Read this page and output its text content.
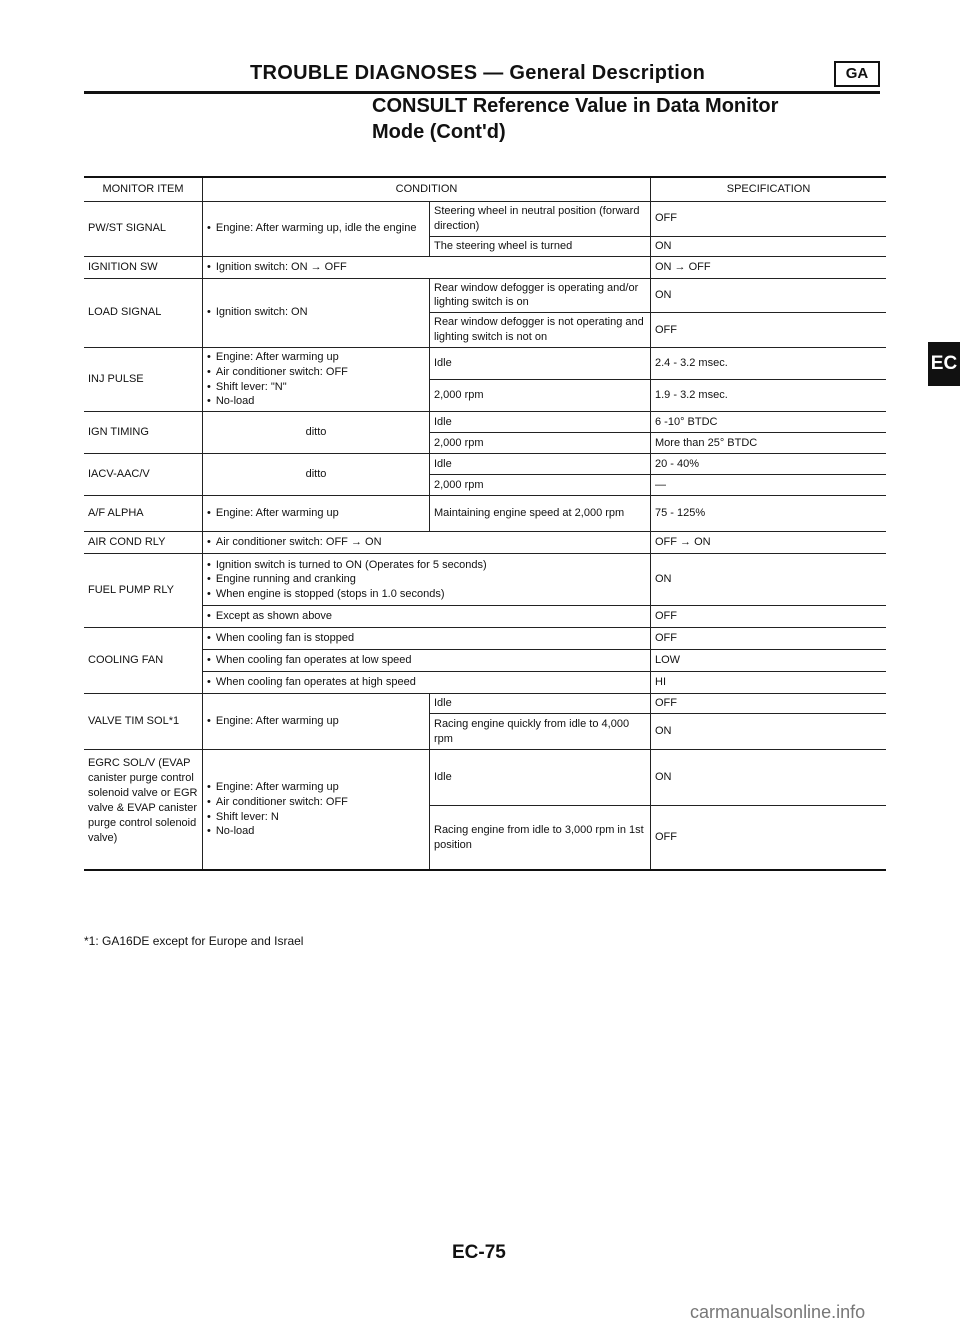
TROUBLE DIAGNOSES — General Description	GA
CONSULT Reference Value in Data Monitor
Mode (Cont'd)
EC
MONITOR ITEM	CONDITION		SPECIFICATION
PW/ST SIGNAL	• Engine: After warming up, idle the engine	Steering wheel in neutral position (forward direction)	OFF
		The steering wheel is turned	ON
IGNITION SW	• Ignition switch: ON → OFF		ON → OFF
LOAD SIGNAL	• Ignition switch: ON	Rear window defogger is operating and/or lighting switch is on	ON
		Rear window defogger is not operating and lighting switch is not on	OFF
INJ PULSE	• Engine: After warming up
• Air conditioner switch: OFF
• Shift lever: "N"
• No-load	Idle	2.4 - 3.2 msec.
		2,000 rpm	1.9 - 3.2 msec.
IGN TIMING	ditto	Idle	6 -10° BTDC
		2,000 rpm	More than 25° BTDC
IACV-AAC/V	ditto	Idle	20 - 40%
		2,000 rpm	—
A/F ALPHA	• Engine: After warming up	Maintaining engine speed at 2,000 rpm	75 - 125%
AIR COND RLY	• Air conditioner switch: OFF → ON		OFF → ON
FUEL PUMP RLY	• Ignition switch is turned to ON (Operates for 5 seconds)
• Engine running and cranking
• When engine is stopped (stops in 1.0 seconds)		ON
	• Except as shown above		OFF
COOLING FAN	• When cooling fan is stopped		OFF
	• When cooling fan operates at low speed		LOW
	• When cooling fan operates at high speed		HI
VALVE TIM SOL*1	• Engine: After warming up	Idle	OFF
		Racing engine quickly from idle to 4,000 rpm	ON
EGRC SOL/V (EVAP canister purge control solenoid valve or EGR valve & EVAP canister purge control solenoid valve)	• Engine: After warming up
• Air conditioner switch: OFF
• Shift lever: N
• No-load	Idle	ON
		Racing engine from idle to 3,000 rpm in 1st position	OFF
*1: GA16DE except for Europe and Israel
EC-75
carmanualsonline.info
